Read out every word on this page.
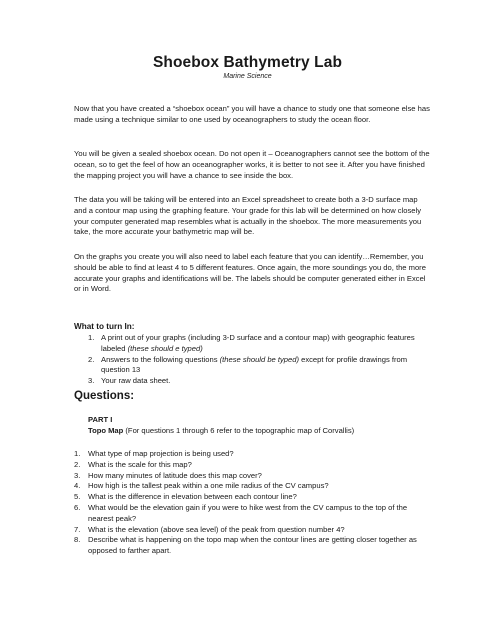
Shoebox Bathymetry Lab
Marine Science

Now that you have created a “shoebox ocean” you will have a chance to study one that someone else has made using a technique similar to one used by oceanographers to study the ocean floor.

You will be given a sealed shoebox ocean. Do not open it – Oceanographers cannot see the bottom of the ocean, so to get the feel of how an oceanographer works, it is better to not see it. After you have finished the mapping project you will have a chance to see inside the box.

The data you will be taking will be entered into an Excel spreadsheet to create both a 3-D surface map and a contour map using the graphing feature. Your grade for this lab will be determined on how closely your computer generated map resembles what is actually in the shoebox. The more measurements you take, the more accurate your bathymetric map will be.

On the graphs you create you will also need to label each feature that you can identify…Remember, you should be able to find at least 4 to 5 different features. Once again, the more soundings you do, the more accurate your graphs and identifications will be. The labels should be computer generated either in Excel or in Word.

What to turn In:
1. A print out of your graphs (including 3-D surface and a contour map) with geographic features labeled (these should e typed)
2. Answers to the following questions (these should be typed) except for profile drawings from question 13
3. Your raw data sheet.
Questions:
PART I
Topo Map (For questions 1 through 6 refer to the topographic map of Corvallis)
1. What type of map projection is being used?
2. What is the scale for this map?
3. How many minutes of latitude does this map cover?
4. How high is the tallest peak within a one mile radius of the CV campus?
5. What is the difference in elevation between each contour line?
6. What would be the elevation gain if you were to hike west from the CV campus to the top of the nearest peak?
7. What is the elevation (above sea level) of the peak from question number 4?
8. Describe what is happening on the topo map when the contour lines are getting closer together as opposed to farther apart.
